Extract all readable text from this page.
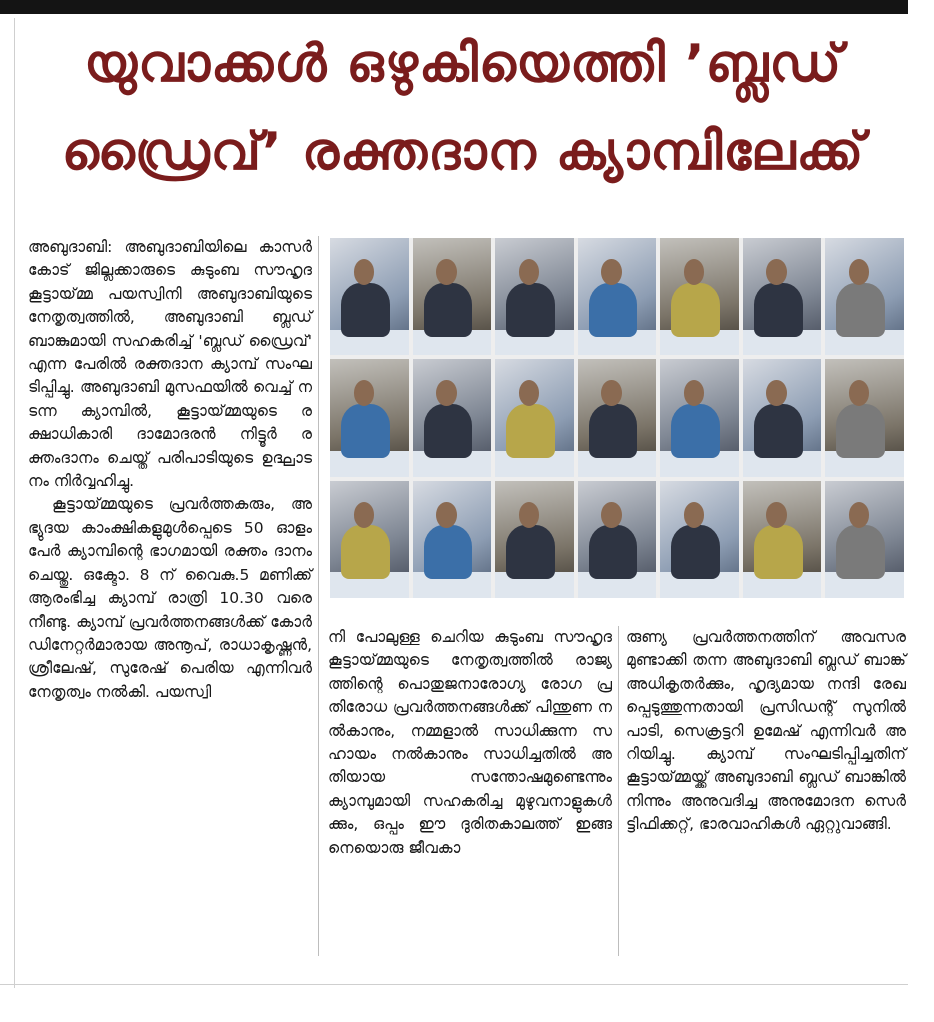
യുവാക്കൾ ഒഴുകിയെത്തി ’ബ്ലഡ്
ഡ്രൈവ്’ രക്തദാന ക്യാമ്പിലേക്ക്

അബുദാബി: അബുദാബിയിലെ കാസർകോട് ജില്ലക്കാരുടെ കുടുംബ സൗഹൃദ കൂട്ടായ്മ്മ പയസ്വിനി അബുദാബിയുടെ നേതൃത്വത്തിൽ, അബുദാബി ബ്ലഡ് ബാങ്കുമായി സഹകരിച്ച് 'ബ്ലഡ് ഡ്രൈവ്' എന്ന പേരിൽ രക്തദാന ക്യാമ്പ് സംഘടിപ്പിച്ചു. അബുദാബി മുസഫയിൽ വെച്ച് നടന്ന ക്യാമ്പിൽ, കൂട്ടായ്മ്മയുടെ രക്ഷാധികാരി ദാമോദരൻ നിട്ടൂർ രക്തംദാനം ചെയ്ത് പരിപാടിയുടെ ഉദ്ഘാടനം നിർവ്വഹിച്ചു.

കൂട്ടായ്മ്മയുടെ പ്രവർത്തകരും, അഭ്യുദയ കാംക്ഷികളുമുൾപ്പെടെ 50 ഓളം പേർ ക്യാമ്പിന്റെ ഭാഗമായി രക്തം ദാനം ചെയ്തു. ഒക്ടോ. 8 ന് വൈകു.5 മണിക്ക് ആരംഭിച്ച ക്യാമ്പ് രാത്രി 10.30 വരെ നീണ്ടു. ക്യാമ്പ് പ്രവർത്തനങ്ങൾക്ക് കോർഡിനേറ്റർമാരായ അനൂപ്, രാധാകൃഷ്ണൻ, ശ്രീലേഷ്, സുരേഷ് പെരിയ എന്നിവർ നേതൃത്വം നൽകി. പയസ്വി

നി പോലുള്ള ചെറിയ കുടുംബ സൗഹൃദ കൂട്ടായ്മ്മയുടെ നേതൃത്വത്തിൽ രാജ്യത്തിന്റെ പൊതുജനാരോഗ്യ രോഗ പ്രതിരോധ പ്രവർത്തനങ്ങൾക്ക് പിന്തുണ നൽകാനും, നമ്മളാൽ സാധിക്കുന്ന സഹായം നൽകാനും സാധിച്ചതിൽ അതിയായ സന്തോഷമുണ്ടെന്നും ക്യാമ്പുമായി സഹകരിച്ച മുഴുവനാളുകൾക്കും, ഒപ്പം ഈ ദുരിതകാലത്ത് ഇങ്ങനെയൊരു ജീവകാ

രുണ്യ പ്രവർത്തനത്തിന് അവസരമുണ്ടാക്കി തന്ന അബുദാബി ബ്ലഡ് ബാങ്ക് അധികൃതർക്കും, ഹൃദ്യമായ നന്ദി രേഖപ്പെടുത്തുന്നതായി പ്രസിഡന്റ് സുനിൽ പാടി, സെക്രട്ടറി ഉമേഷ് എന്നിവർ അറിയിച്ചു. ക്യാമ്പ് സംഘടിപ്പിച്ചതിന് കൂട്ടായ്മ്മയ്ക്ക് അബുദാബി ബ്ലഡ് ബാങ്കിൽ നിന്നും അനുവദിച്ച അനുമോദന സെർട്ടിഫിക്കറ്റ്, ഭാരവാഹികൾ ഏറ്റുവാങ്ങി.
